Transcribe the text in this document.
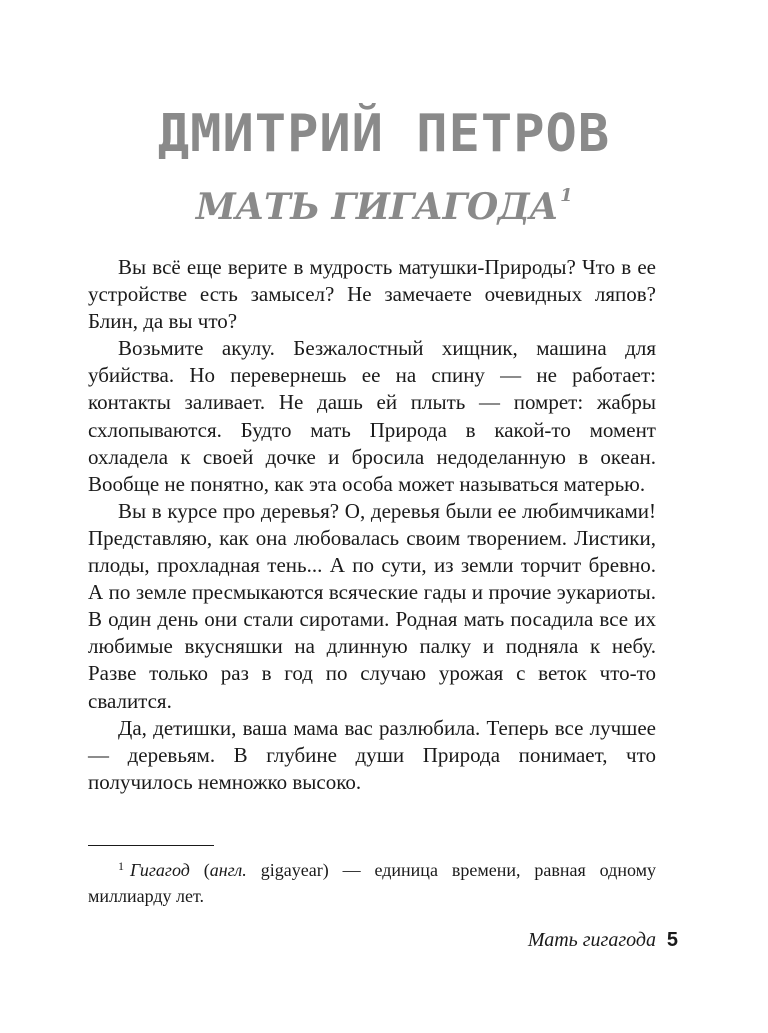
ДМИТРИЙ ПЕТРОВ
МАТЬ ГИГАГОДА $^1$

Вы всё еще верите в мудрость матушки-Природы? Что в ее устройстве есть замысел? Не замечаете очевидных ляпов? Блин, да вы что?

Возьмите акулу. Безжалостный хищник, машина для убийства. Но перевернешь ее на спину — не работает: контакты заливает. Не дашь ей плыть — помрет: жабры схлопываются. Будто мать Природа в какой-то момент охладела к своей дочке и бросила недоделанную в океан. Вообще не понятно, как эта особа может называться матерью.

Вы в курсе про деревья? О, деревья были ее любимчиками! Представляю, как она любовалась своим творением. Листики, плоды, прохладная тень... А по сути, из земли торчит бревно. А по земле пресмыкаются всяческие гады и прочие эукариоты. В один день они стали сиротами. Родная мать посадила все их любимые вкусняшки на длинную палку и подняла к небу. Разве только раз в год по случаю урожая с веток что-то свалится.

Да, детишки, ваша мама вас разлюбила. Теперь все лучшее — деревьям. В глубине души Природа понимает, что получилось немножко высоко.

$^1$ Гигагод (англ. gigayear) — единица времени, равная одному миллиарду лет.

Мать гигагода 5
